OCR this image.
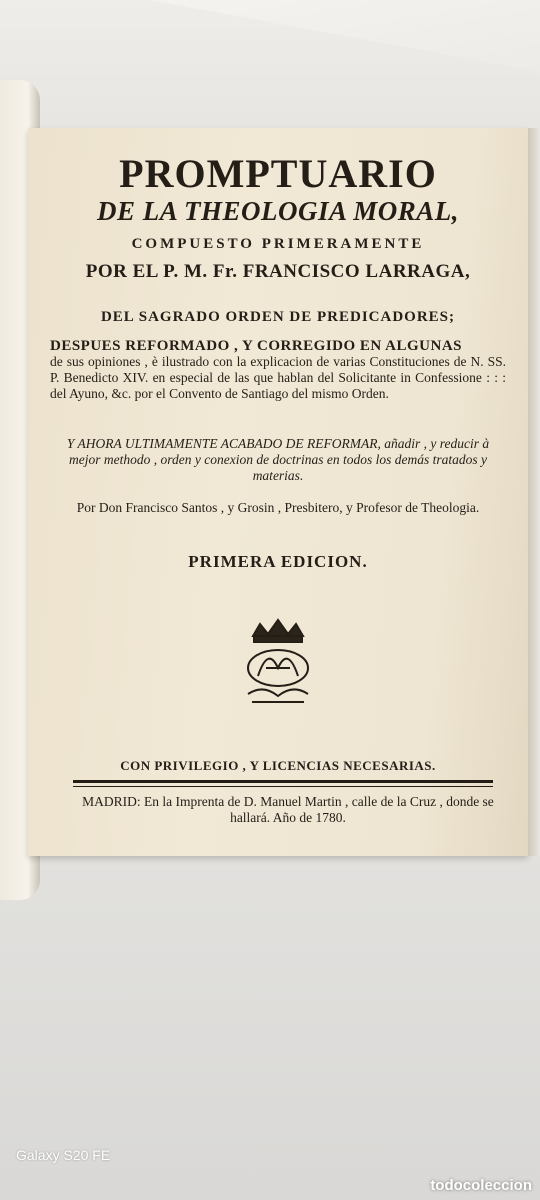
PROMPTUARIO
DE LA THEOLOGIA MORAL,
COMPUESTO PRIMERAMENTE
POR EL P. M. Fr. FRANCISCO LARRAGA,
DEL SAGRADO ORDEN DE PREDICADORES;
DESPUES REFORMADO , Y CORREGIDO EN ALGUNAS
de sus opiniones , è ilustrado con la explicacion de varias Constituciones de N. SS. P. Benedicto XIV. en especial de las que hablan del Solicitante in Confessione : : : del Ayuno, &c. por el Convento de Santiago del mismo Orden.
Y AHORA ULTIMAMENTE ACABADO DE REFORMAR, añadir , y reducir à mejor methodo , orden y conexion de doctrinas en todos los demás tratados y materias.
Por Don Francisco Santos , y Grosin , Presbitero, y Profesor de Theologia.
PRIMERA EDICION.
CON PRIVILEGIO , Y LICENCIAS NECESARIAS.
MADRID: En la Imprenta de D. Manuel Martin , calle de la Cruz , donde se hallará. Año de 1780.
Galaxy S20 FE
todocoleccion
